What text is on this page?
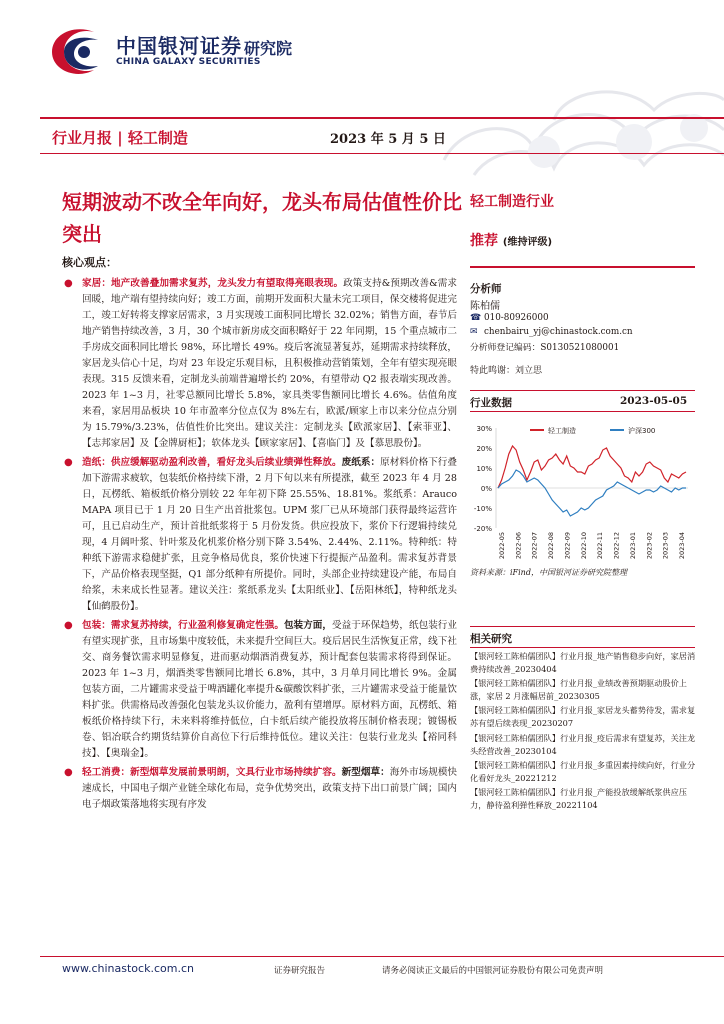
中国银河证券
CHINA GALAXY SECURITIES
研究院
行业月报 | 轻工制造	2023 年 5 月 5 日
短期波动不改全年向好，龙头布局估值性价比突出
核心观点：
● 家居：地产改善叠加需求复苏，龙头发力有望取得亮眼表现。政策支持&预期改善&需求回暖，地产端有望持续向好；竣工方面，前期开发面积大量未完工项目，保交楼将促进完工，竣工好转将支撑家居需求，3 月实现竣工面积同比增长 32.02%；销售方面，春节后地产销售持续改善，3 月，30 个城市新房成交面积略好于 22 年同期，15 个重点城市二手房成交面积同比增长 98%，环比增长 49%。疫后客流显著复苏，延期需求持续释放，家居龙头信心十足，均对 23 年设定乐观目标，且积极推动营销策划，全年有望实现亮眼表现。315 反馈来看，定制龙头前端普遍增长约 20%，有望带动 Q2 报表端实现改善。2023 年 1~3 月，社零总额同比增长 5.8%，家具类零售额同比增长 4.6%。估值角度来看，家居用品板块 10 年市盈率分位点仅为 8%左右，欧派/顾家上市以来分位点分别为 15.79%/3.23%，估值性价比突出。建议关注：定制龙头【欧派家居】、【索菲亚】、【志邦家居】及【金牌厨柜】；软体龙头【顾家家居】、【喜临门】及【慕思股份】。
● 造纸：供应缓解驱动盈利改善，看好龙头后续业绩弹性释放。废纸系：原材料价格下行叠加下游需求疲软，包装纸价格持续下滑，2 月下旬以来有所提涨，截至 2023 年 4 月 28 日，瓦楞纸、箱板纸价格分别较 22 年年初下降 25.55%、18.81%。浆纸系：Arauco MAPA 项目已于 1 月 20 日生产出首批浆包。UPM 浆厂已从环境部门获得最终运营许可，且已启动生产，预计首批纸浆将于 5 月份发货。供应投放下，浆价下行逻辑持续兑现，4 月阔叶浆、针叶浆及化机浆价格分别下降 3.54%、2.44%、2.11%。特种纸：特种纸下游需求稳健扩张，且竞争格局优良，浆价快速下行提振产品盈利。需求复苏背景下，产品价格表现坚挺，Q1 部分纸种有所提价。同时，头部企业持续建设产能，布局自给浆，未来成长性显著。建议关注：浆纸系龙头【太阳纸业】、【岳阳林纸】，特种纸龙头【仙鹤股份】。
● 包装：需求复苏持续，行业盈利修复确定性强。包装方面，受益于环保趋势，纸包装行业有望实现扩张，且市场集中度较低，未来提升空间巨大。疫后居民生活恢复正常，线下社交、商务餐饮需求明显修复，进而驱动烟酒消费复苏，预计配套包装需求将得到保证。2023 年 1~3 月，烟酒类零售额同比增长 6.8%，其中，3 月单月同比增长 9%。金属包装方面，二片罐需求受益于啤酒罐化率提升&碳酸饮料扩张，三片罐需求受益于能量饮料扩张。供需格局改善强化包装龙头议价能力，盈利有望增厚。原材料方面，瓦楞纸、箱板纸价格持续下行，未来料将维持低位，白卡纸后续产能投放将压制价格表现；镀锡板卷、铝冶联合约期货结算价自高位下行后维持低位。建议关注：包装行业龙头【裕同科技】、【奥瑞金】。
● 轻工消费：新型烟草发展前景明朗，文具行业市场持续扩容。新型烟草：海外市场规模快速成长，中国电子烟产业链全球化布局，竞争优势突出，政策支持下出口前景广阔；国内电子烟政策落地将实现有序发
轻工制造行业
推荐 (维持评级)
分析师
陈柏儒
☎ 010-80926000
✉ chenbairu_yj@chinastock.com.cn
分析师登记编码：S0130521080001
特此鸣谢：刘立思
行业数据	2023-05-05
30%
20%
10%
0%
-10%
-20%
2022-05 2022-06 2022-07 2022-08 2022-09 2022-10 2022-11 2022-12 2023-01 2023-02 2023-03 2023-04
轻工制造	沪深300
资料来源：iFind，中国银河证券研究院整理
相关研究
【银河轻工陈柏儒团队】行业月报_地产销售稳步向好，家居消费持续改善_20230404
【银河轻工陈柏儒团队】行业月报_业绩改善预期驱动股价上涨，家居 2 月涨幅居前_20230305
【银河轻工陈柏儒团队】行业月报_家居龙头蓄势待发，需求复苏有望后续表现_20230207
【银河轻工陈柏儒团队】行业月报_疫后需求有望复苏，关注龙头经营改善_20230104
【银河轻工陈柏儒团队】行业月报_多重因素持续向好，行业分化看好龙头_20221212
【银河轻工陈柏儒团队】行业月报_产能投放缓解纸浆供应压力，静待盈利弹性释放_20221104
www.chinastock.com.cn	证券研究报告	请务必阅读正文最后的中国银河证券股份有限公司免责声明
